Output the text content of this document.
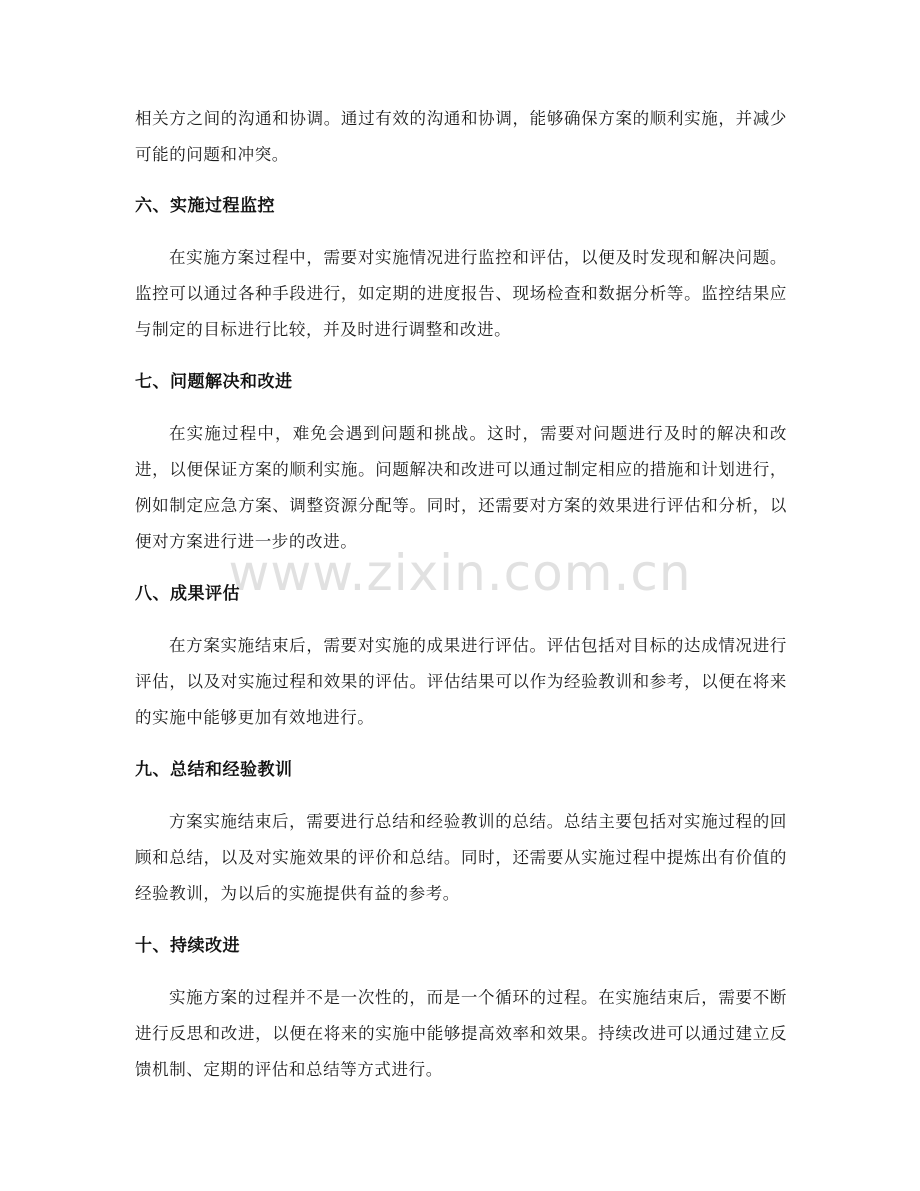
www.zixin.com.cn

相关方之间的沟通和协调。通过有效的沟通和协调，能够确保方案的顺利实施，并减少可能的问题和冲突。

六、实施过程监控

在实施方案过程中，需要对实施情况进行监控和评估，以便及时发现和解决问题。监控可以通过各种手段进行，如定期的进度报告、现场检查和数据分析等。监控结果应与制定的目标进行比较，并及时进行调整和改进。

七、问题解决和改进

在实施过程中，难免会遇到问题和挑战。这时，需要对问题进行及时的解决和改进，以便保证方案的顺利实施。问题解决和改进可以通过制定相应的措施和计划进行，例如制定应急方案、调整资源分配等。同时，还需要对方案的效果进行评估和分析，以便对方案进行进一步的改进。

八、成果评估

在方案实施结束后，需要对实施的成果进行评估。评估包括对目标的达成情况进行评估，以及对实施过程和效果的评估。评估结果可以作为经验教训和参考，以便在将来的实施中能够更加有效地进行。

九、总结和经验教训

方案实施结束后，需要进行总结和经验教训的总结。总结主要包括对实施过程的回顾和总结，以及对实施效果的评价和总结。同时，还需要从实施过程中提炼出有价值的经验教训，为以后的实施提供有益的参考。

十、持续改进

实施方案的过程并不是一次性的，而是一个循环的过程。在实施结束后，需要不断进行反思和改进，以便在将来的实施中能够提高效率和效果。持续改进可以通过建立反馈机制、定期的评估和总结等方式进行。
